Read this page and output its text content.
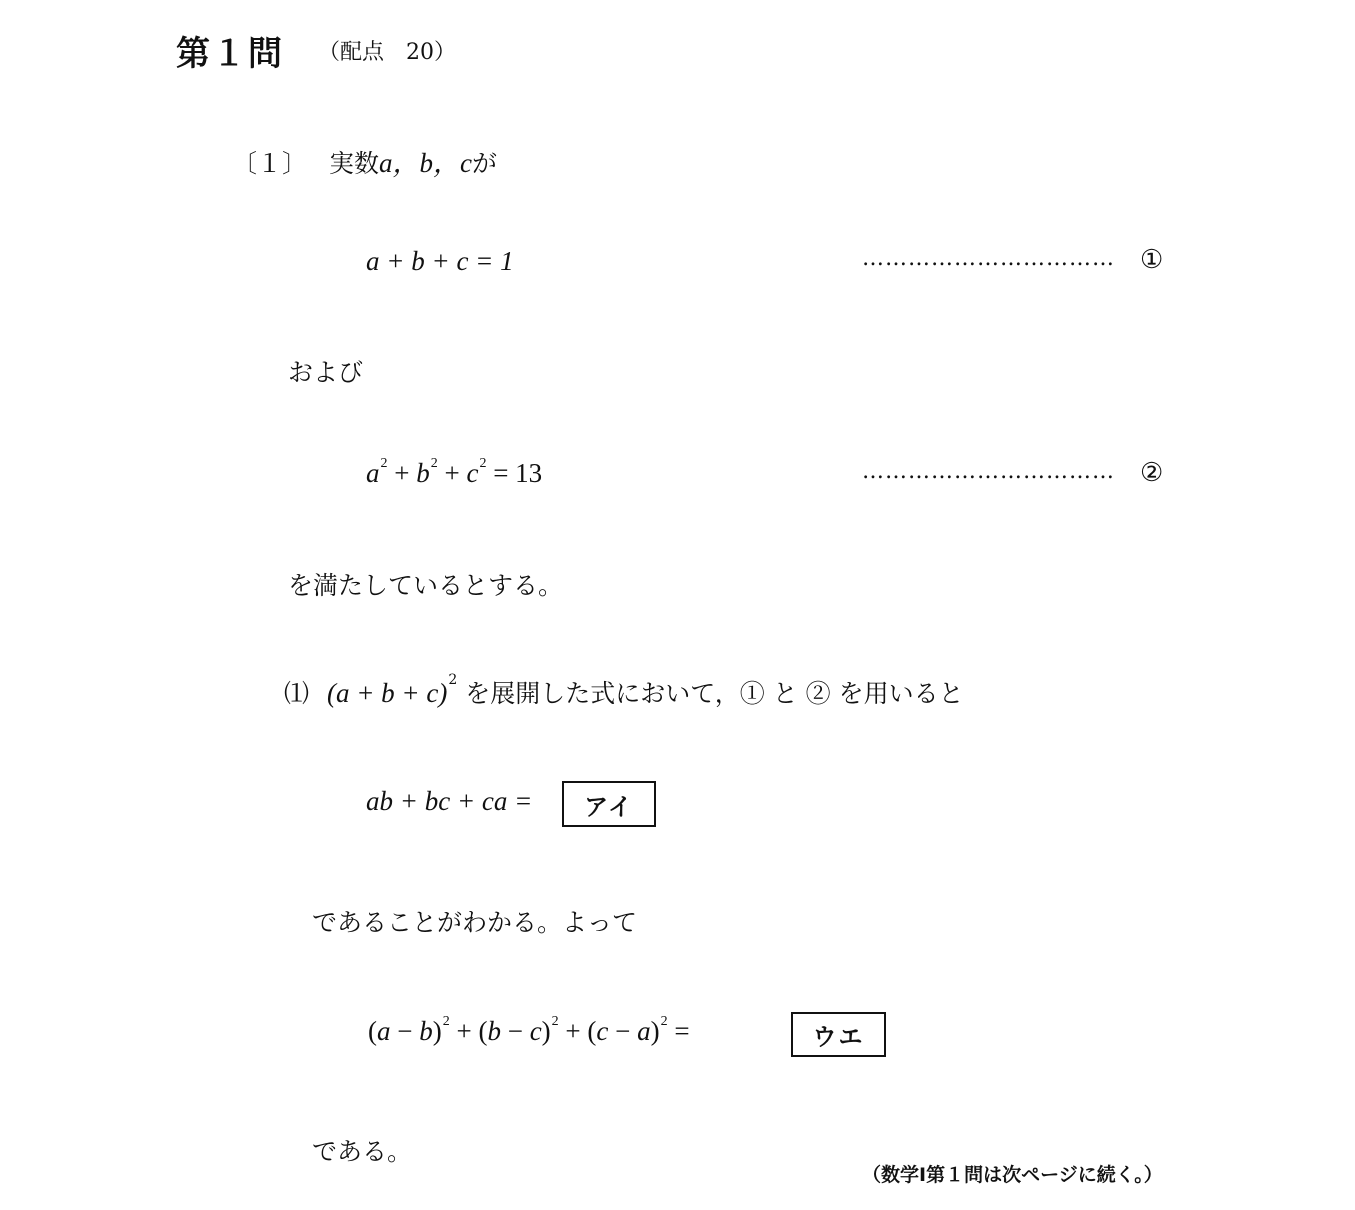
第１問 （配点　20）
〔１〕 実数a，b，cが
a + b + c = 1	…………………………… ①
および
$a^2 + b^2 + c^2 = 13$	…………………………… ②
を満たしているとする。
⑴ $(a + b + c)^2$ を展開した式において，① と ② を用いると
ab + bc + ca =	アイ
であることがわかる。よって
$(a - b)^2 + (b - c)^2 + (c - a)^2$ =	ウエ
である。
（数学Ⅰ第１問は次ページに続く。）
